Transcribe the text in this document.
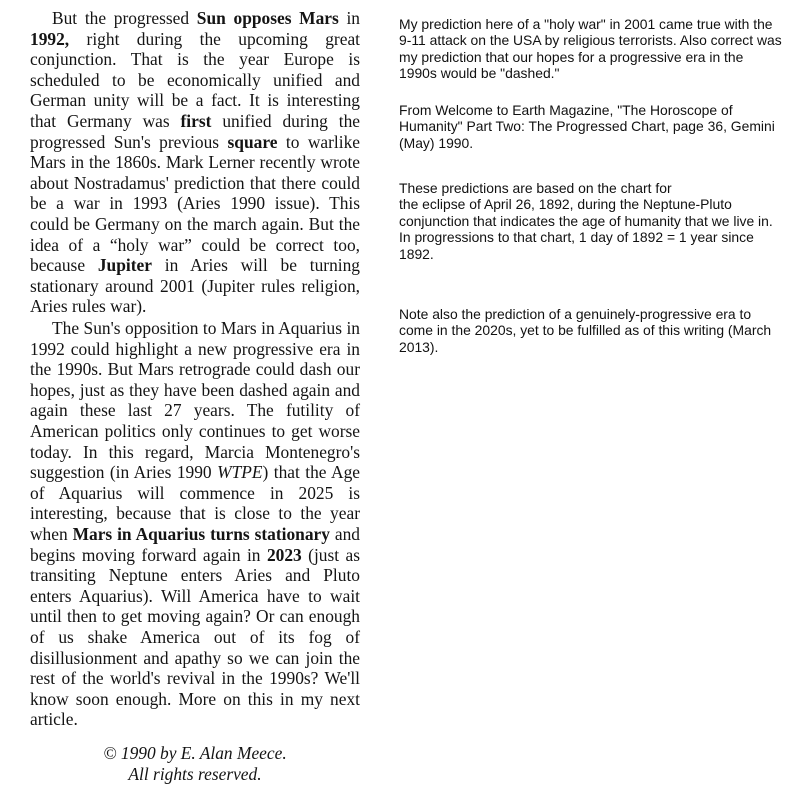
But the progressed Sun opposes Mars in 1992, right during the upcoming great conjunction. That is the year Europe is scheduled to be economically unified and German unity will be a fact. It is interesting that Germany was first unified during the progressed Sun's previous square to warlike Mars in the 1860s. Mark Lerner recently wrote about Nostradamus' prediction that there could be a war in 1993 (Aries 1990 issue). This could be Germany on the march again. But the idea of a “holy war” could be correct too, because Jupiter in Aries will be turning stationary around 2001 (Jupiter rules religion, Aries rules war).

The Sun's opposition to Mars in Aquarius in 1992 could highlight a new progressive era in the 1990s. But Mars retrograde could dash our hopes, just as they have been dashed again and again these last 27 years. The futility of American politics only continues to get worse today. In this regard, Marcia Montenegro's suggestion (in Aries 1990 WTPE) that the Age of Aquarius will commence in 2025 is interesting, because that is close to the year when Mars in Aquarius turns stationary and begins moving forward again in 2023 (just as transiting Neptune enters Aries and Pluto enters Aquarius). Will America have to wait until then to get moving again? Or can enough of us shake America out of its fog of disillusionment and apathy so we can join the rest of the world's revival in the 1990s? We'll know soon enough. More on this in my next article.

© 1990 by E. Alan Meece.
All rights reserved.

My prediction here of a "holy war" in 2001 came true with the 9-11 attack on the USA by religious terrorists. Also correct was my prediction that our hopes for a progressive era in the 1990s would be "dashed."

From Welcome to Earth Magazine, "The Horoscope of Humanity" Part Two: The Progressed Chart, page 36, Gemini (May) 1990.

These predictions are based on the chart for
the eclipse of April 26, 1892, during the Neptune-Pluto conjunction that indicates the age of humanity that we live in. In progressions to that chart, 1 day of 1892 = 1 year since 1892.

Note also the prediction of a genuinely-progressive era to come in the 2020s, yet to be fulfilled as of this writing (March 2013).
